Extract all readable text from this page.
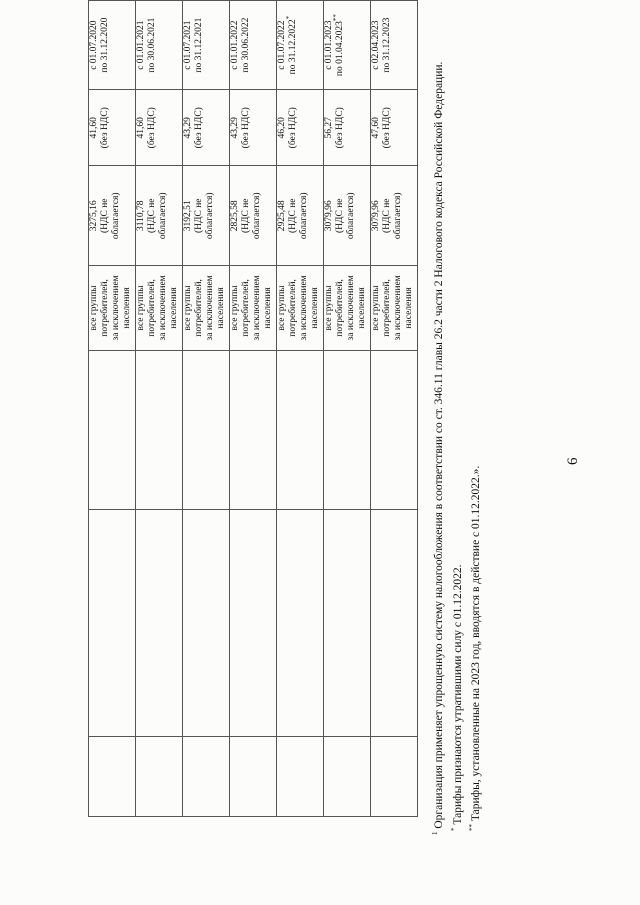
6

			все группы потребителей, за исключением населения	3275,16 (НДС не облагается)	41,60 (без НДС)	с 01.07.2020 по 31.12.2020

			все группы потребителей, за исключением населения	3110,78 (НДС не облагается)	41,60 (без НДС)	с 01.01.2021 по 30.06.2021

			все группы потребителей, за исключением населения	3192,51 (НДС не облагается)	43,29 (без НДС)	с 01.07.2021 по 31.12.2021

			все группы потребителей, за исключением населения	2825,58 (НДС не облагается)	43,29 (без НДС)	с 01.01.2022 по 30.06.2022

			все группы потребителей, за исключением населения	2925,48 (НДС не облагается)	46,20 (без НДС)	с 01.07.2022 по 31.12.2022*

			все группы потребителей, за исключением населения	3079,96 (НДС не облагается)	56,27 (без НДС)	с 01.01.2023 по 01.04.2023**

			все группы потребителей, за исключением населения	3079,96 (НДС не облагается)	47,60 (без НДС)	с 02.04.2023 по 31.12.2023

$^1$ Организация применяет упрощенную систему налогообложения в соответствии со ст. 346.11 главы 26.2 части 2 Налогового кодекса Российской Федерации.

* Тарифы признаются утратившими силу с 01.12.2022.
** Тарифы, установленные на 2023 год, вводятся в действие с 01.12.2022.».
